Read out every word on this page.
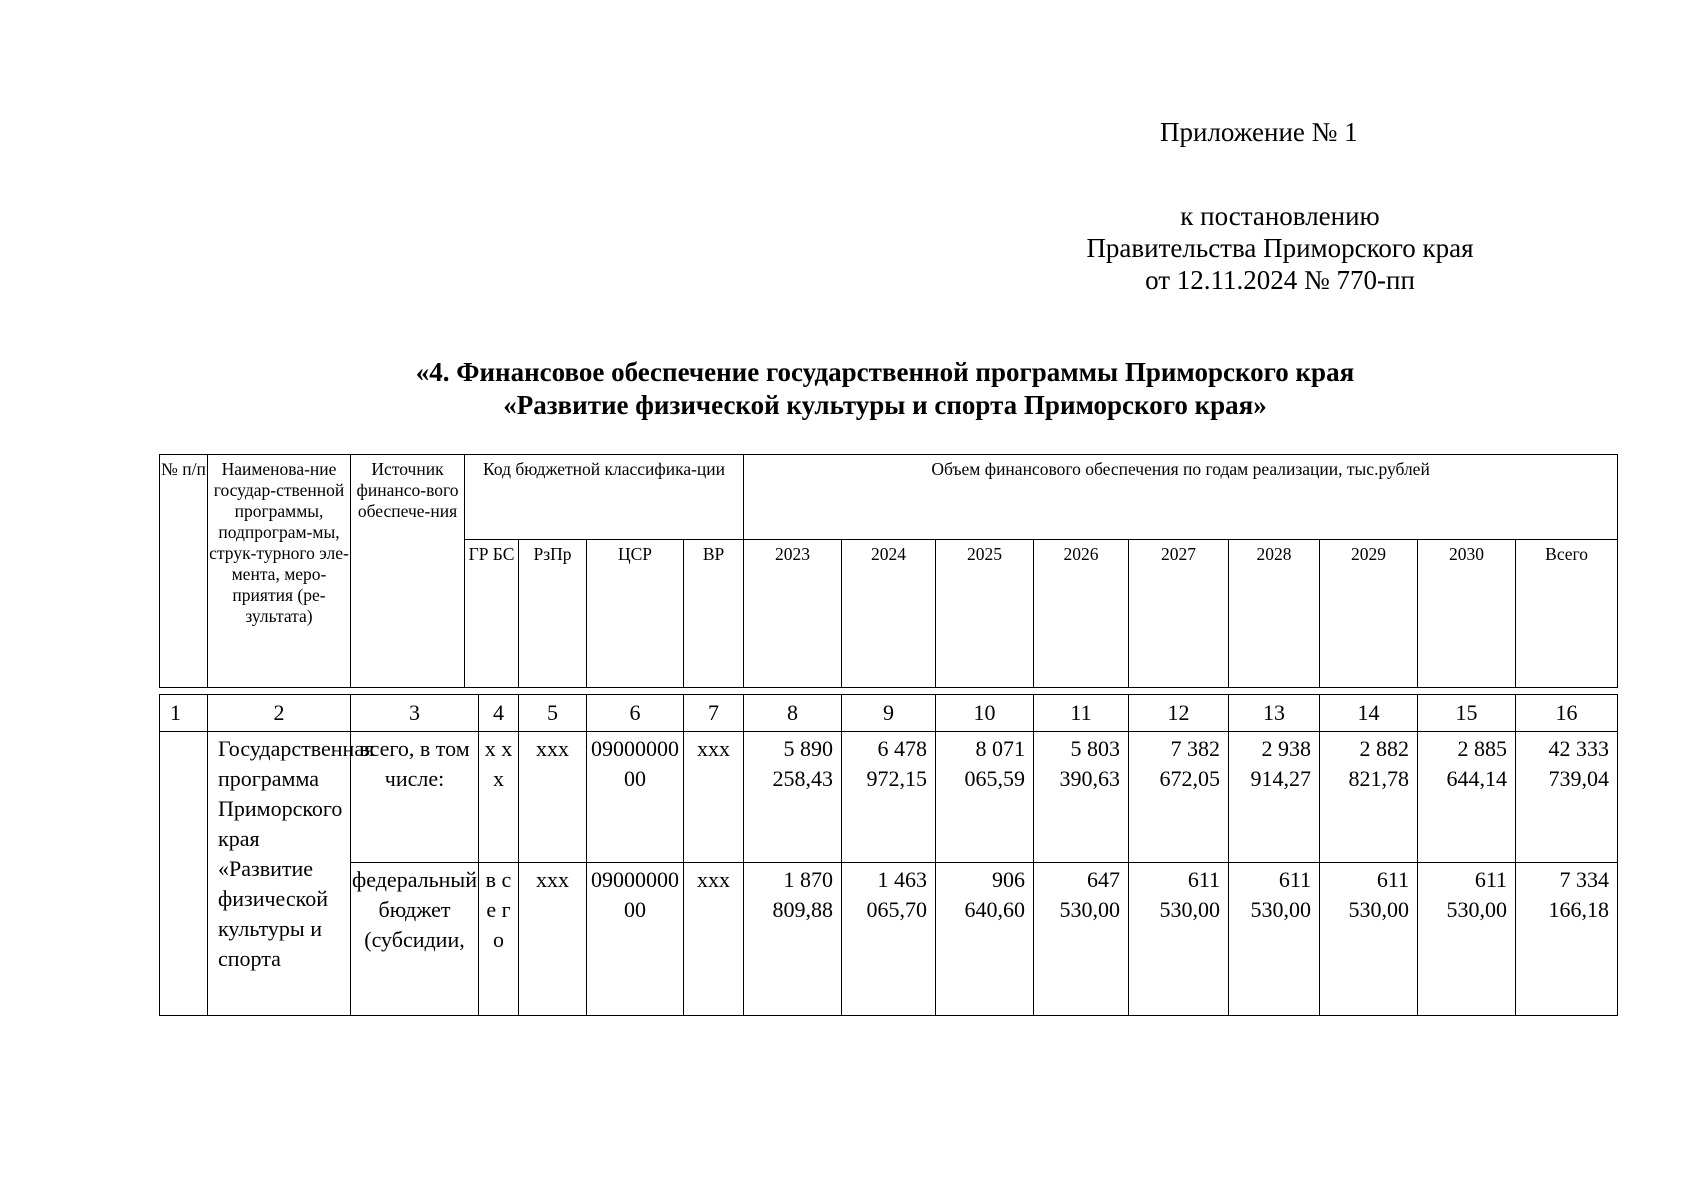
Приложение № 1
к постановлению
Правительства Приморского края
от 12.11.2024 № 770-пп
«4. Финансовое обеспечение государственной программы Приморского края
«Развитие физической культуры и спорта Приморского края»
№ п/п	Наименова-ние государ-ственной программы, подпрограм-мы, струк-турного эле-мента, меро-приятия (ре-зультата)	Источник финансо-вого обеспече-ния	Код бюджетной классифика-ции				Объем финансового обеспечения по годам реализации, тыс.рублей								
			ГР БС	РзПр	ЦСР	ВР	2023	2024	2025	2026	2027	2028	2029	2030	Всего
1	2	3	4	5	6	7	8	9	10	11	12	13	14	15	16
	Государственная программа Приморского края «Развитие физической культуры и спорта	всего, в том числе:	х х х	ххх	0900000000	ххх	5 890 258,43	6 478 972,15	8 071 065,59	5 803 390,63	7 382 672,05	2 938 914,27	2 882 821,78	2 885 644,14	42 333 739,04
		федеральный бюджет (субсидии,	в с е г о	ххх	0900000000	ххх	1 870 809,88	1 463 065,70	906 640,60	647 530,00	611 530,00	611 530,00	611 530,00	611 530,00	7 334 166,18
